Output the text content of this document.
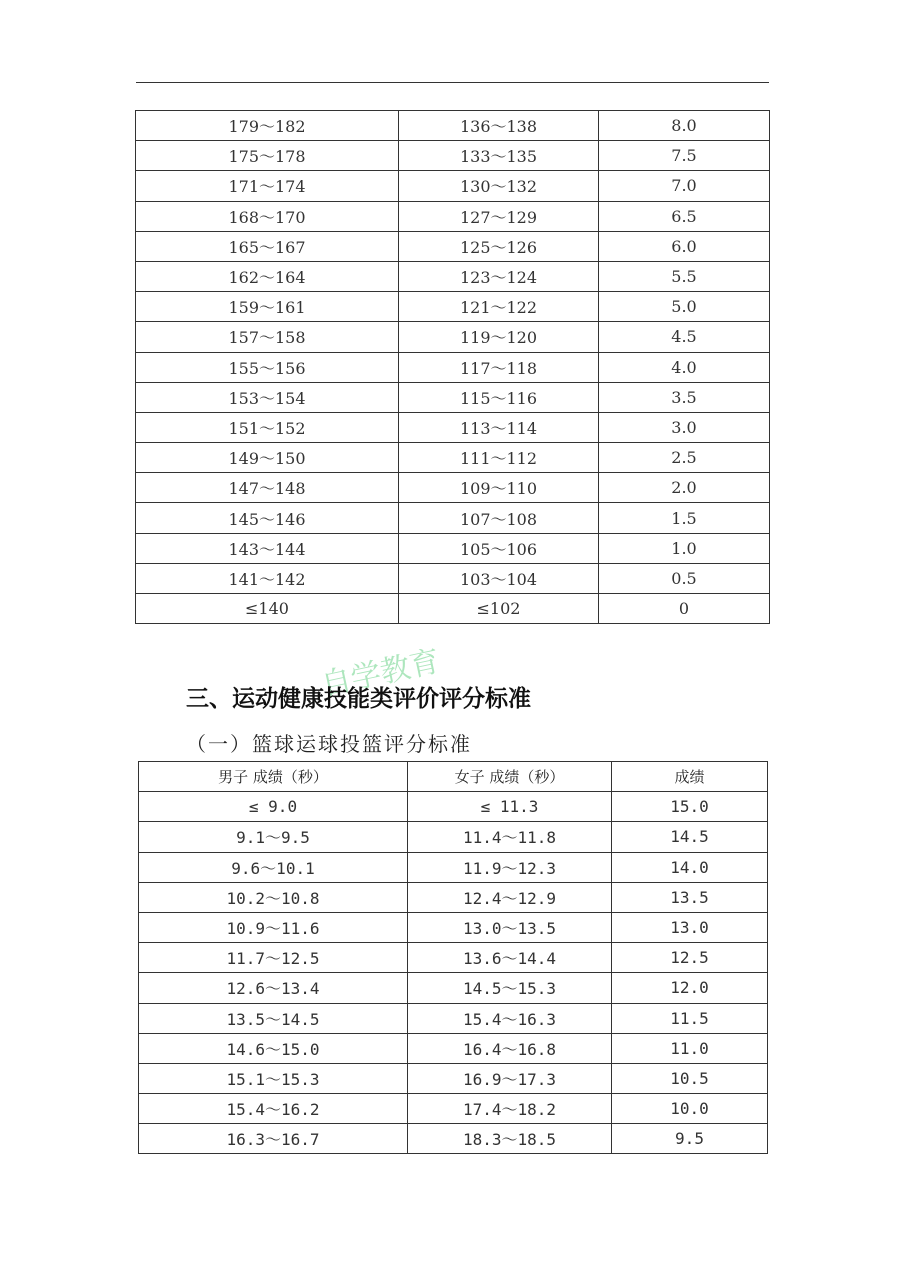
179～182	136～138	8.0
175～178	133～135	7.5
171～174	130～132	7.0
168～170	127～129	6.5
165～167	125～126	6.0
162～164	123～124	5.5
159～161	121～122	5.0
157～158	119～120	4.5
155～156	117～118	4.0
153～154	115～116	3.5
151～152	113～114	3.0
149～150	111～112	2.5
147～148	109～110	2.0
145～146	107～108	1.5
143～144	105～106	1.0
141～142	103～104	0.5
≤140	≤102	0
自学教育
三、运动健康技能类评价评分标准
（一）篮球运球投篮评分标准
男子 成绩（秒）	女子 成绩（秒）	成绩
≤ 9.0	≤ 11.3	15.0
9.1～9.5	11.4～11.8	14.5
9.6～10.1	11.9～12.3	14.0
10.2～10.8	12.4～12.9	13.5
10.9～11.6	13.0～13.5	13.0
11.7～12.5	13.6～14.4	12.5
12.6～13.4	14.5～15.3	12.0
13.5～14.5	15.4～16.3	11.5
14.6～15.0	16.4～16.8	11.0
15.1～15.3	16.9～17.3	10.5
15.4～16.2	17.4～18.2	10.0
16.3～16.7	18.3～18.5	9.5
